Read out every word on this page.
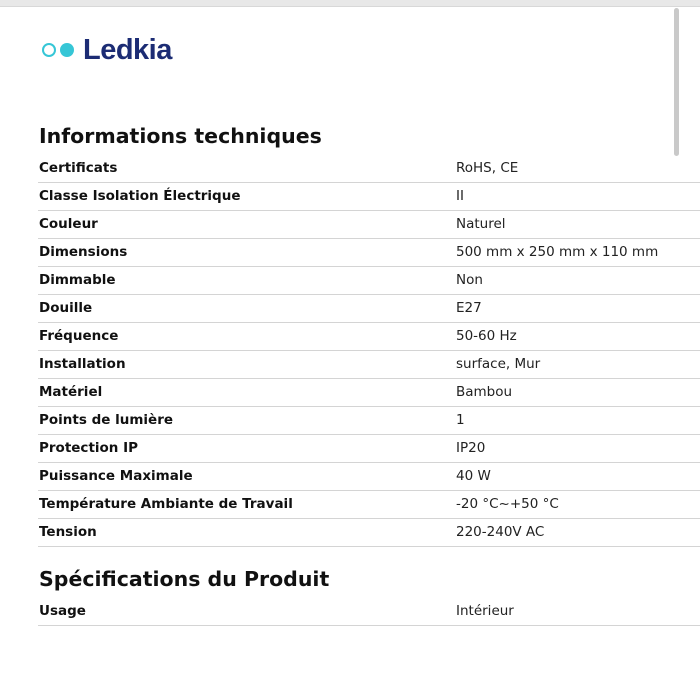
Ledkia
Informations techniques
Certificats	RoHS, CE
Classe Isolation Électrique	II
Couleur	Naturel
Dimensions	500 mm x 250 mm x 110 mm
Dimmable	Non
Douille	E27
Fréquence	50-60 Hz
Installation	surface, Mur
Matériel	Bambou
Points de lumière	1
Protection IP	IP20
Puissance Maximale	40 W
Température Ambiante de Travail	-20 °C~+50 °C
Tension	220-240V AC
Spécifications du Produit
Usage	Intérieur
